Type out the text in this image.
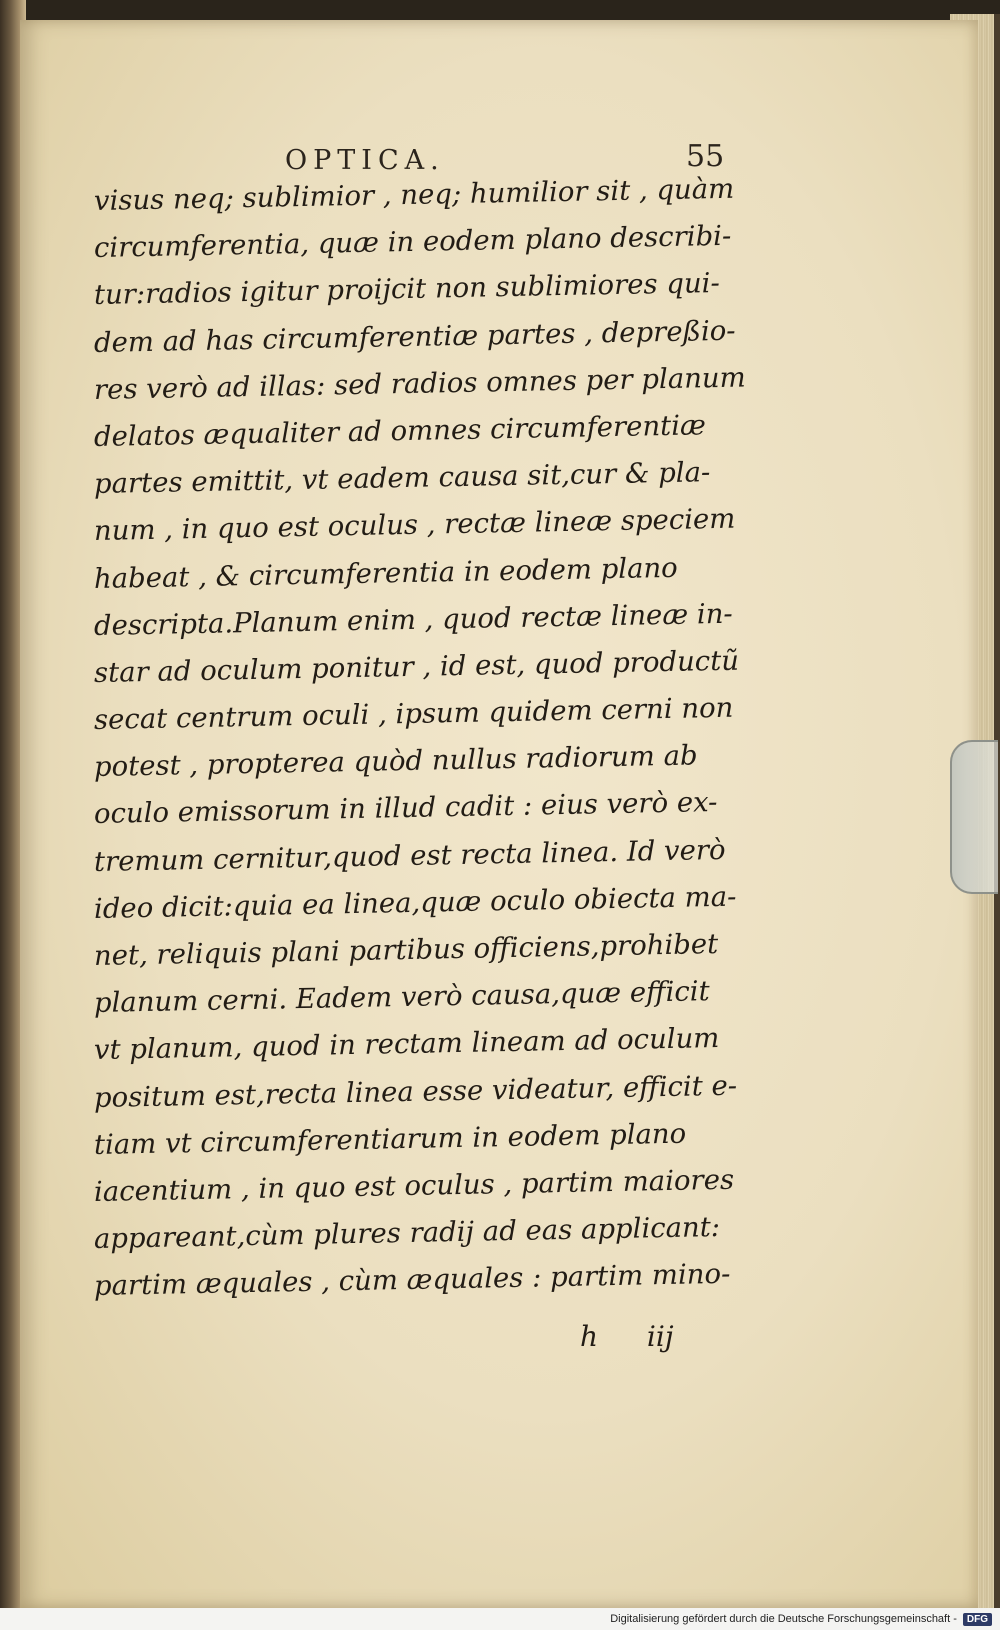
OPTICA.	55
visus neq; sublimior , neq; humilior sit , quàm
circumferentia, quæ in eodem plano describi-
tur:radios igitur proijcit non sublimiores qui-
dem ad has circumferentiæ partes , depreßio-
res verò ad illas: sed radios omnes per planum
delatos æqualiter ad omnes circumferentiæ
partes emittit, vt eadem causa sit,cur & pla-
num , in quo est oculus , rectæ lineæ speciem
habeat , & circumferentia in eodem plano
descripta.Planum enim , quod rectæ lineæ in-
star ad oculum ponitur , id est, quod productũ
secat centrum oculi , ipsum quidem cerni non
potest , propterea quòd nullus radiorum ab
oculo emissorum in illud cadit : eius verò ex-
tremum cernitur,quod est recta linea. Id verò
ideo dicit:quia ea linea,quæ oculo obiecta ma-
net, reliquis plani partibus officiens,prohibet
planum cerni. Eadem verò causa,quæ efficit
vt planum, quod in rectam lineam ad oculum
positum est,recta linea esse videatur, efficit e-
tiam vt circumferentiarum in eodem plano
iacentium , in quo est oculus , partim maiores
appareant,cùm plures radij ad eas applicant:
partim æquales , cùm æquales : partim mino-
h iij
Digitalisierung gefördert durch die Deutsche Forschungsgemeinschaft -	DFG
